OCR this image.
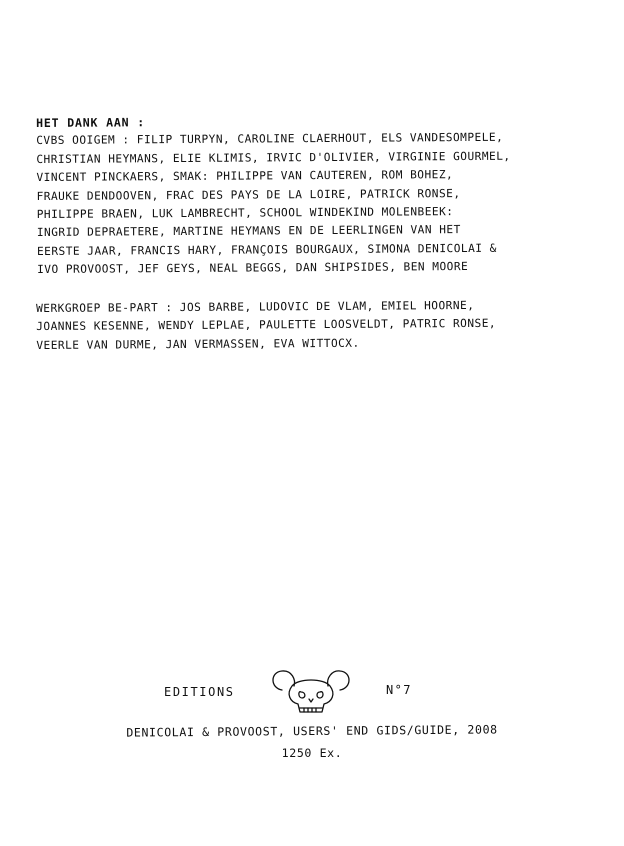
HET DANK AAN :
CVBS OOIGEM : FILIP TURPYN, CAROLINE CLAERHOUT, ELS VANDESOMPELE,
CHRISTIAN HEYMANS, ELIE KLIMIS, IRVIC D'OLIVIER, VIRGINIE GOURMEL,
VINCENT PINCKAERS, SMAK: PHILIPPE VAN CAUTEREN, ROM BOHEZ,
FRAUKE DENDOOVEN, FRAC DES PAYS DE LA LOIRE, PATRICK RONSE,
PHILIPPE BRAEN, LUK LAMBRECHT, SCHOOL WINDEKIND MOLENBEEK:
INGRID DEPRAETERE, MARTINE HEYMANS EN DE LEERLINGEN VAN HET
EERSTE JAAR, FRANCIS HARY, FRANÇOIS BOURGAUX, SIMONA DENICOLAI &
IVO PROVOOST, JEF GEYS, NEAL BEGGS, DAN SHIPSIDES, BEN MOORE
WERKGROEP BE-PART : JOS BARBE, LUDOVIC DE VLAM, EMIEL HOORNE,
JOANNES KESENNE, WENDY LEPLAE, PAULETTE LOOSVELDT, PATRIC RONSE,
VEERLE VAN DURME, JAN VERMASSEN, EVA WITTOCX.
EDITIONS	N°7
DENICOLAI & PROVOOST, USERS' END GIDS/GUIDE, 2008
1250 Ex.
